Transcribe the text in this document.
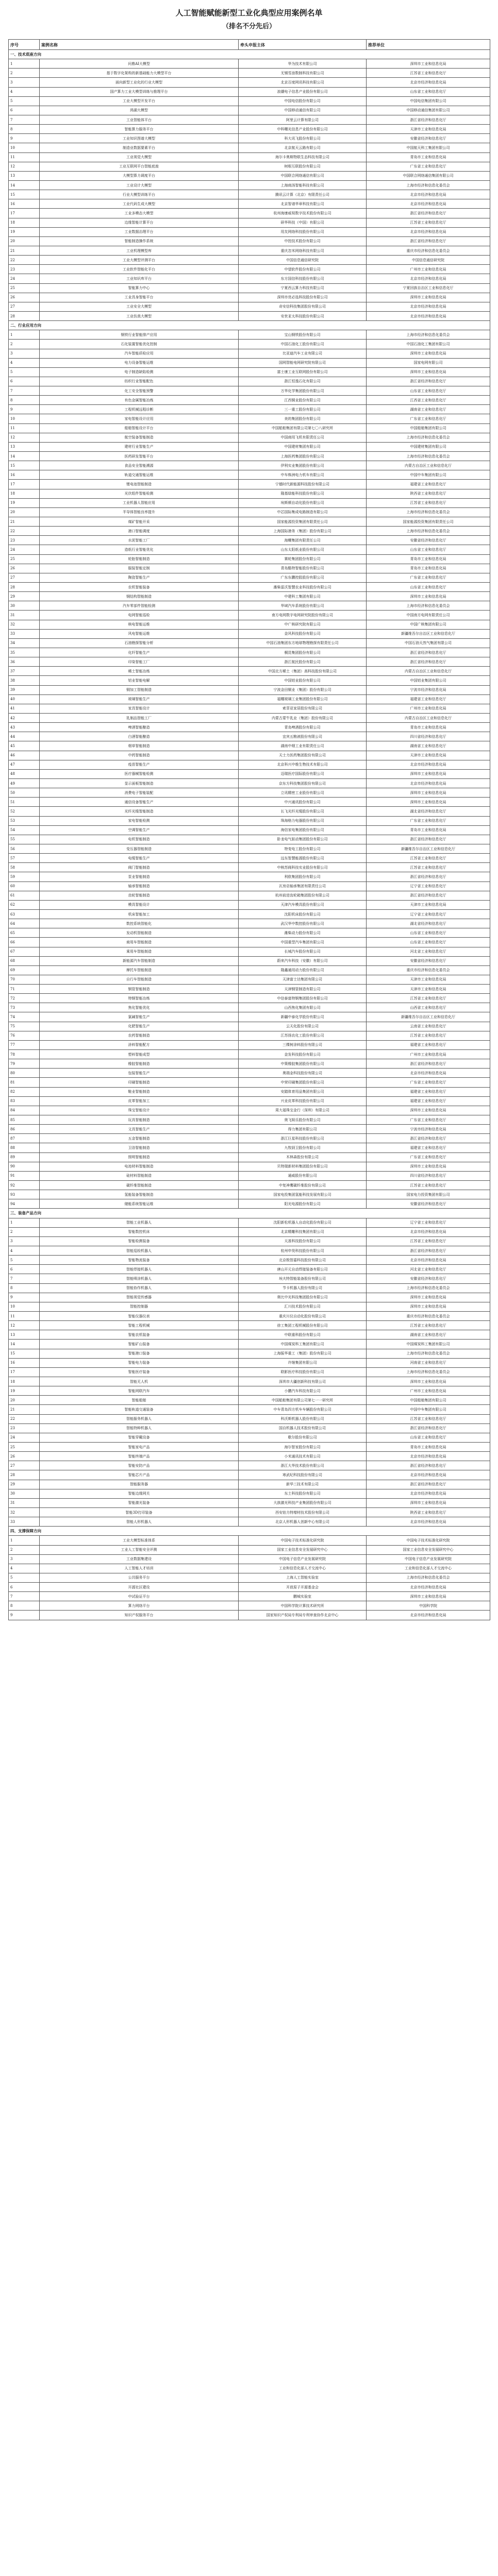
人工智能赋能新型工业化典型应用案例名单
（排名不分先后）
序号	案例名称	牵头申报主体	推荐单位
一、技术底座方向			
1	问鼎AI大模型	华为技术有限公司	深圳市工业和信息化局
2	基于数字化架构的新基础能力大模型平台	无锡雪浪数制科技有限公司	江苏省工业和信息化厅
3	面向新型工业化的行业大模型	北京百度网讯科技有限公司	北京市经济和信息化局
4	国产算力工业大模型训练与推理平台	浪潮电子信息产业股份有限公司	山东省工业和信息化厅
5	工业大模型开发平台	中国电信股份有限公司	中国电信集团有限公司
6	鸿湖大模型	中国移动通信有限公司	中国移动通信集团有限公司
7	工业智能体平台	阿里云计算有限公司	浙江省经济和信息化厅
8	智能算力服务平台	中科曙光信息产业股份有限公司	天津市工业和信息化局
9	工业知识图谱大模型	科大讯飞股份有限公司	安徽省经济和信息化厅
10	制造业数据要素平台	北京航天云路有限公司	中国航天科工集团有限公司
11	工业视觉大模型	海尔卡奥斯物联生态科技有限公司	青岛市工业和信息化局
12	工业互联网平台智能底座	树根互联股份有限公司	广东省工业和信息化厅
13	大模型算力调度平台	中国联合网络通信有限公司	中国联合网络通信集团有限公司
14	工业设计大模型	上海商汤智能科技有限公司	上海市经济和信息化委员会
15	行业大模型训练平台	腾讯云计算（北京）有限责任公司	北京市经济和信息化局
16	工业代码生成大模型	北京智谱华章科技有限公司	北京市经济和信息化局
17	工业多模态大模型	杭州海康威视数字技术股份有限公司	浙江省经济和信息化厅
18	边缘智能计算平台	研华科技（中国）有限公司	江苏省工业和信息化厅
19	工业数据治理平台	用友网络科技股份有限公司	北京市经济和信息化局
20	智能制造操作系统	中控技术股份有限公司	浙江省经济和信息化厅
21	工业机理模型库	重庆忽米网络科技有限公司	重庆市经济和信息化委员会
22	工业大模型评测平台	中国信息通信研究院	中国信息通信研究院
23	工业软件智能化平台	中望软件股份有限公司	广州市工业和信息化局
24	工业知识库平台	东方国信科技股份有限公司	北京市经济和信息化局
25	智能算力中心	宁夏西云算力科技有限公司	宁夏回族自治区工业和信息化厅
26	工业具身智能平台	深圳市优必选科技股份有限公司	深圳市工业和信息化局
27	工业安全大模型	奇安信科技集团股份有限公司	北京市经济和信息化局
28	工业仿真大模型	安世亚太科技股份有限公司	北京市经济和信息化局
二、行业应用方向			
1	钢铁行业智能排产应用	宝山钢铁股份有限公司	上海市经济和信息化委员会
2	石化装置智能优化控制	中国石油化工股份有限公司	中国石油化工集团有限公司
3	汽车智能质检应用	比亚迪汽车工业有限公司	深圳市工业和信息化局
4	电力设备智能运维	国网智能电网研究院有限公司	国家电网有限公司
5	电子制造缺陷检测	富士康工业互联网股份有限公司	深圳市工业和信息化局
6	纺织行业智能配色	浙江恒逸石化有限公司	浙江省经济和信息化厅
7	化工安全智能预警	万华化学集团股份有限公司	山东省工业和信息化厅
8	有色金属智能冶炼	江西铜业股份有限公司	江西省工业和信息化厅
9	工程机械远程诊断	三一重工股份有限公司	湖南省工业和信息化厅
10	家电智能设计应用	美的集团股份有限公司	广东省工业和信息化厅
11	船舶智能设计平台	中国船舶集团有限公司第七〇八研究所	中国船舶集团有限公司
12	航空装备智能制造	中国商用飞机有限责任公司	上海市经济和信息化委员会
13	建材行业智能生产	中国建材集团有限公司	中国建材集团有限公司
14	医药研发智能平台	上海医药集团股份有限公司	上海市经济和信息化委员会
15	食品安全智能溯源	伊利实业集团股份有限公司	内蒙古自治区工业和信息化厅
16	轨道交通智能运维	中车株洲电力机车有限公司	中国中车集团有限公司
17	锂电池智能制造	宁德时代新能源科技股份有限公司	福建省工业和信息化厅
18	光伏组件智能检测	隆基绿能科技股份有限公司	陕西省工业和信息化厅
19	工业机器人智能应用	埃斯顿自动化股份有限公司	江苏省工业和信息化厅
20	半导体智能良率提升	中芯国际集成电路制造有限公司	上海市经济和信息化委员会
21	煤矿智能开采	国家能源投资集团有限责任公司	国家能源投资集团有限责任公司
22	港口智能调度	上海国际港务（集团）股份有限公司	上海市经济和信息化委员会
23	水泥智能工厂	海螺集团有限责任公司	安徽省经济和信息化厅
24	造纸行业智能优化	山东太阳纸业股份有限公司	山东省工业和信息化厅
25	轮胎智能制造	赛轮集团股份有限公司	青岛市工业和信息化局
26	服装智能定制	青岛酷特智能股份有限公司	青岛市工业和信息化局
27	陶瓷智能生产	广东东鹏控股股份有限公司	广东省工业和信息化厅
28	农机智能装备	潍柴雷沃智慧农业科技股份有限公司	山东省工业和信息化厅
29	钢结构智能制造	中建科工集团有限公司	深圳市工业和信息化局
30	汽车零部件智能检测	华域汽车系统股份有限公司	上海市经济和信息化委员会
31	电网智能巡检	南方电网数字电网研究院股份有限公司	中国南方电网有限责任公司
32	核电智能运维	中广核研究院有限公司	中国广核集团有限公司
33	风电智能运维	金风科技股份有限公司	新疆维吾尔自治区工业和信息化厅
34	石油勘探智能分析	中国石油集团东方地球物理勘探有限责任公司	中国石油天然气集团有限公司
35	化纤智能生产	桐昆集团股份有限公司	浙江省经济和信息化厅
36	印染智能工厂	浙江航民股份有限公司	浙江省经济和信息化厅
37	稀土智能冶炼	中国北方稀土（集团）高科技股份有限公司	内蒙古自治区工业和信息化厅
38	铝业智能电解	中国铝业股份有限公司	中国铝业集团有限公司
39	铜加工智能制造	宁波金田铜业（集团）股份有限公司	宁波市经济和信息化局
40	玻璃智能生产	福耀玻璃工业集团股份有限公司	福建省工业和信息化厅
41	家具智能设计	索菲亚家居股份有限公司	广州市工业和信息化局
42	乳制品智能工厂	内蒙古蒙牛乳业（集团）股份有限公司	内蒙古自治区工业和信息化厅
43	啤酒智能酿造	青岛啤酒股份有限公司	青岛市工业和信息化局
44	白酒智能酿造	宜宾五粮液股份有限公司	四川省经济和信息化厅
45	烟草智能制造	湖南中烟工业有限责任公司	湖南省工业和信息化厅
46	中药智能制造	天士力医药集团股份有限公司	天津市工业和信息化局
47	疫苗智能生产	北京科兴中维生物技术有限公司	北京市经济和信息化局
48	医疗器械智能检测	迈瑞医疗国际股份有限公司	深圳市工业和信息化局
49	显示面板智能制造	京东方科技集团股份有限公司	北京市经济和信息化局
50	消费电子智能装配	立讯精密工业股份有限公司	深圳市工业和信息化局
51	通信设备智能生产	中兴通讯股份有限公司	深圳市工业和信息化局
52	光纤光缆智能制造	长飞光纤光缆股份有限公司	湖北省经济和信息化厅
53	家电智能检测	珠海格力电器股份有限公司	广东省工业和信息化厅
54	空调智能生产	海信家电集团股份有限公司	青岛市工业和信息化局
55	电机智能制造	卧龙电气驱动集团股份有限公司	浙江省经济和信息化厅
56	变压器智能制造	特变电工股份有限公司	新疆维吾尔自治区工业和信息化厅
57	电缆智能生产	远东智慧能源股份有限公司	江苏省工业和信息化厅
58	阀门智能制造	中核苏阀科技实业股份有限公司	江苏省工业和信息化厅
59	泵业智能制造	利欧集团股份有限公司	浙江省经济和信息化厅
60	轴承智能制造	瓦房店轴承集团有限责任公司	辽宁省工业和信息化厅
61	齿轮智能制造	杭州前进齿轮箱集团股份有限公司	浙江省经济和信息化厅
62	模具智能设计	天津汽车模具股份有限公司	天津市工业和信息化局
63	机床智能加工	沈阳机床股份有限公司	辽宁省工业和信息化厅
64	数控系统智能化	武汉华中数控股份有限公司	湖北省经济和信息化厅
65	发动机智能制造	潍柴动力股份有限公司	山东省工业和信息化厅
66	商用车智能制造	中国重型汽车集团有限公司	山东省工业和信息化厅
67	乘用车智能制造	长城汽车股份有限公司	河北省工业和信息化厅
68	新能源汽车智能制造	蔚来汽车科技（安徽）有限公司	安徽省经济和信息化厅
69	摩托车智能制造	隆鑫通用动力股份有限公司	重庆市经济和信息化委员会
70	自行车智能制造	天津富士达集团有限公司	天津市工业和信息化局
71	钢管智能制造	天津钢管制造有限公司	天津市工业和信息化局
72	特钢智能冶炼	中信泰富特钢集团股份有限公司	江苏省工业和信息化厅
73	焦化智能优化	山西焦化集团有限公司	山西省工业和信息化厅
74	氯碱智能生产	新疆中泰化学股份有限公司	新疆维吾尔自治区工业和信息化厅
75	化肥智能生产	云天化股份有限公司	云南省工业和信息化厅
76	农药智能制造	江苏扬农化工股份有限公司	江苏省工业和信息化厅
77	涂料智能配方	三棵树涂料股份有限公司	福建省工业和信息化厅
78	塑料智能成型	金发科技股份有限公司	广州市工业和信息化局
79	橡胶智能制造	中策橡胶集团股份有限公司	浙江省经济和信息化厅
80	包装智能生产	奥瑞金科技股份有限公司	北京市经济和信息化局
81	印刷智能制造	中荣印刷集团股份有限公司	广东省工业和信息化厅
82	鞋业智能制造	安踏体育用品集团有限公司	福建省工业和信息化厅
83	皮革智能加工	兴业皮革科技股份有限公司	福建省工业和信息化厅
84	珠宝智能设计	周大福珠宝金行（深圳）有限公司	深圳市工业和信息化局
85	玩具智能制造	奥飞娱乐股份有限公司	广东省工业和信息化厅
86	文具智能生产	得力集团有限公司	宁波市经济和信息化局
87	五金智能制造	浙江巨星科技股份有限公司	浙江省经济和信息化厅
88	卫浴智能制造	九牧厨卫股份有限公司	福建省工业和信息化厅
89	照明智能制造	木林森股份有限公司	广东省工业和信息化厅
90	电池材料智能制造	贝特瑞新材料集团股份有限公司	深圳市工业和信息化局
91	硅材料智能制造	通威股份有限公司	四川省经济和信息化厅
92	碳纤维智能制造	中复神鹰碳纤维股份有限公司	江苏省工业和信息化厅
93	氢能装备智能制造	国家电投集团氢能科技发展有限公司	国家电力投资集团有限公司
94	储能系统智能运维	阳光电源股份有限公司	安徽省经济和信息化厅
三、装备产品方向			
1	智能工业机器人	沈阳新松机器人自动化股份有限公司	辽宁省工业和信息化厅
2	智能数控机床	北京精雕科技集团有限公司	北京市经济和信息化局
3	智能检测装备	天准科技股份有限公司	江苏省工业和信息化厅
4	智能巡检机器人	杭州申昊科技股份有限公司	浙江省经济和信息化厅
5	智能物流装备	北京极智嘉科技股份有限公司	北京市经济和信息化局
6	智能焊接机器人	唐山开元自动焊接装备有限公司	河北省工业和信息化厅
7	智能喷涂机器人	埃夫特智能装备股份有限公司	安徽省经济和信息化厅
8	智能协作机器人	节卡机器人股份有限公司	上海市经济和信息化委员会
9	智能视觉传感器	奥比中光科技集团股份有限公司	深圳市工业和信息化局
10	智能控制器	汇川技术股份有限公司	深圳市工业和信息化局
11	智能仪器仪表	重庆川仪自动化股份有限公司	重庆市经济和信息化委员会
12	智能工程机械	徐工集团工程机械股份有限公司	江苏省工业和信息化厅
13	智能农机装备	中联重科股份有限公司	湖南省工业和信息化厅
14	智能矿山装备	中国煤炭科工集团有限公司	中国煤炭科工集团有限公司
15	智能港口装备	上海振华重工（集团）股份有限公司	上海市经济和信息化委员会
16	智能电力装备	许继集团有限公司	河南省工业和信息化厅
17	智能医疗装备	联影医疗科技股份有限公司	上海市经济和信息化委员会
18	智能无人机	深圳市大疆创新科技有限公司	深圳市工业和信息化局
19	智能网联汽车	小鹏汽车科技有限公司	广州市工业和信息化局
20	智能船舶	中国船舶集团有限公司第七一一研究所	中国船舶集团有限公司
21	智能轨道交通装备	中车青岛四方机车车辆股份有限公司	中国中车集团有限公司
22	智能服务机器人	科沃斯机器人股份有限公司	江苏省工业和信息化厅
23	智能特种机器人	国自机器人技术股份有限公司	浙江省经济和信息化厅
24	智能穿戴设备	歌尔股份有限公司	山东省工业和信息化厅
25	智能家电产品	海尔智家股份有限公司	青岛市工业和信息化局
26	智能终端产品	小米通讯技术有限公司	北京市经济和信息化局
27	智能安防产品	浙江大华技术股份有限公司	浙江省经济和信息化厅
28	智能芯片产品	寒武纪科技股份有限公司	北京市经济和信息化局
29	智能服务器	新华三技术有限公司	浙江省经济和信息化厅
30	智能边缘网关	东土科技股份有限公司	北京市经济和信息化局
31	智能激光装备	大族激光科技产业集团股份有限公司	深圳市工业和信息化局
32	智能3D打印装备	西安铂力特增材技术股份有限公司	陕西省工业和信息化厅
33	智能人形机器人	北京人形机器人创新中心有限公司	北京市经济和信息化局
四、支撑保障方向			
1	工业大模型标准体系	中国电子技术标准化研究院	中国电子技术标准化研究院
2	工业人工智能安全评测	国家工业信息安全发展研究中心	国家工业信息安全发展研究中心
3	工业数据集建设	中国电子信息产业发展研究院	中国电子信息产业发展研究院
4	人工智能人才培训	工业和信息化部人才交流中心	工业和信息化部人才交流中心
5	公共服务平台	上海人工智能实验室	上海市经济和信息化委员会
6	开源社区建设	开放原子开源基金会	北京市经济和信息化局
7	中试验证平台	鹏城实验室	深圳市工业和信息化局
8	算力网络平台	中国科学院计算技术研究所	中国科学院
9	知识产权服务平台	国家知识产权局专利局专利审查协作北京中心	北京市经济和信息化局
